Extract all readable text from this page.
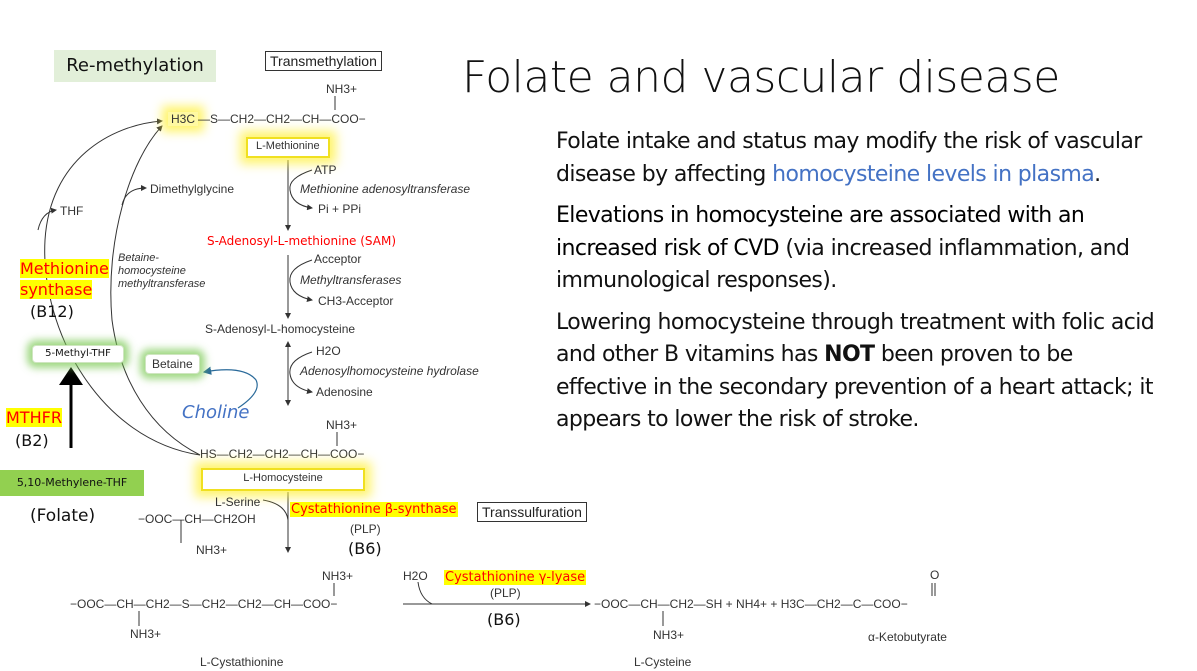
Re-methylation	Transmethylation
Transsulfuration
NH3+
H3C —S—CH2—CH2—CH—COO−
L-Methionine
ATP
Methionine adenosyltransferase
Pi + PPi
S-Adenosyl-L-methionine (SAM)
Acceptor
Methyltransferases
CH3-Acceptor
S-Adenosyl-L-homocysteine
H2O
Adenosylhomocysteine hydrolase
Adenosine
NH3+
HS—CH2—CH2—CH—COO−
L-Homocysteine
L-Serine
−OOC—CH—CH2OH
NH3+
Cystathionine β-synthase
(PLP)
(B6)
NH3+
−OOC—CH—CH2—S—CH2—CH2—CH—COO−
NH3+
L-Cystathionine
H2O Cystathionine γ-lyase
(PLP)
(B6)
O
−OOC—CH—CH2—SH + NH4+ + H3C—CH2—C—COO−
NH3+
L-Cysteine
α-Ketobutyrate
Dimethylglycine
THF
Betaine-
homocysteine
methyltransferase
Methionine
synthase
(B12)
5-Methyl-THF
Betaine
Choline
MTHFR
(B2)
5,10-Methylene-THF
(Folate)
Folate and vascular disease

Folate intake and status may modify the risk of vascular disease by affecting homocysteine levels in plasma.

Elevations in homocysteine are associated with an increased risk of CVD (via increased inflammation, and immunological responses).

Lowering homocysteine through treatment with folic acid and other B vitamins has NOT been proven to be effective in the secondary prevention of a heart attack; it appears to lower the risk of stroke.
